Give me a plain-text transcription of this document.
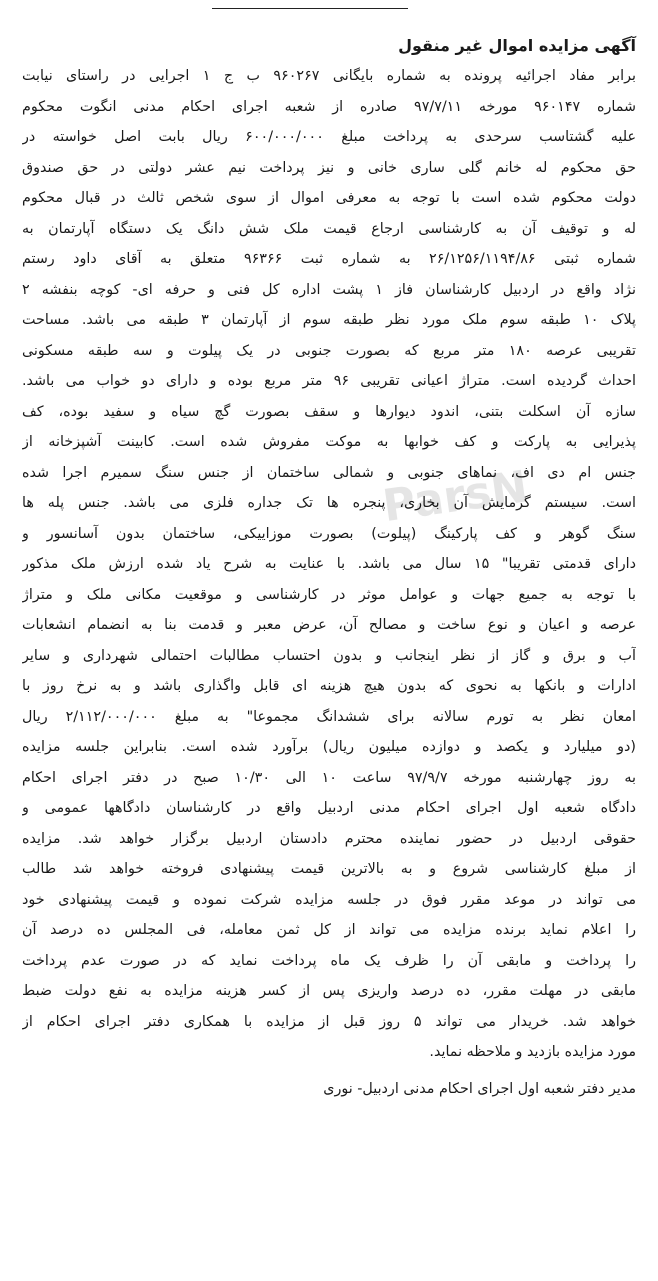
ParsN
آگهی مزایده اموال غیر منقول
برابر مفاد اجرائیه پرونده به شماره بایگانی ۹۶۰۲۶۷ ب ج ۱ اجرایی در راستای نیابت
شماره ۹۶۰۱۴۷ مورخه ۹۷/۷/۱۱ صادره از شعبه اجرای احکام مدنی انگوت محکوم
علیه گشتاسب سرحدی به پرداخت مبلغ ۶۰۰/۰۰۰/۰۰۰ ریال بابت اصل خواسته در
حق محکوم له خانم گلی ساری خانی و نیز پرداخت نیم عشر دولتی در حق صندوق
دولت محکوم شده است با توجه به معرفی اموال از سوی شخص ثالث در قبال محکوم
له و توقیف آن به کارشناسی ارجاع قیمت ملک شش دانگ یک دستگاه آپارتمان به
شماره ثبتی ۲۶/۱۲۵۶/۱۱۹۴/۸۶ به شماره ثبت ۹۶۳۶۶ متعلق به آقای داود رستم
نژاد واقع در اردبیل کارشناسان فاز ۱ پشت اداره کل فنی و حرفه ای- کوچه بنفشه ۲
پلاک ۱۰ طبقه سوم ملک مورد نظر طبقه سوم از آپارتمان ۳ طبقه می باشد. مساحت
تقریبی عرصه ۱۸۰ متر مربع که بصورت جنوبی در یک پیلوت و سه طبقه مسکونی
احداث گردیده است. متراژ اعیانی تقریبی ۹۶ متر مربع بوده و دارای دو خواب می باشد.
سازه آن اسکلت بتنی، اندود دیوارها و سقف بصورت گچ سیاه و سفید بوده، کف
پذیرایی به پارکت و کف خوابها به موکت مفروش شده است. کابینت آشپزخانه از
جنس ام دی اف، نماهای جنوبی و شمالی ساختمان از جنس سنگ سمیرم اجرا شده
است. سیستم گرمایش آن بخاری، پنجره ها تک جداره فلزی می باشد. جنس پله ها
سنگ گوهر و کف پارکینگ (پیلوت) بصورت موزاییکی، ساختمان بدون آسانسور و
دارای قدمتی تقریبا" ۱۵ سال می باشد. با عنایت به شرح یاد شده ارزش ملک مذکور
با توجه به جمیع جهات و عوامل موثر در کارشناسی و موقعیت مکانی ملک و متراژ
عرصه و اعیان و نوع ساخت و مصالح آن، عرض معبر و قدمت بنا به انضمام انشعابات
آب و برق و گاز از نظر اینجانب و بدون احتساب مطالبات احتمالی شهرداری و سایر
ادارات و بانکها به نحوی که بدون هیچ هزینه ای قابل واگذاری باشد و به نرخ روز با
امعان نظر به تورم سالانه برای ششدانگ مجموعا" به مبلغ ۲/۱۱۲/۰۰۰/۰۰۰ ریال
(دو میلیارد و یکصد و دوازده میلیون ریال) برآورد شده است. بنابراین جلسه مزایده
به روز چهارشنبه مورخه ۹۷/۹/۷ ساعت ۱۰ الی ۱۰/۳۰ صبح در دفتر اجرای احکام
دادگاه شعبه اول اجرای احکام مدنی اردبیل واقع در کارشناسان دادگاهها عمومی و
حقوقی اردبیل در حضور نماینده محترم دادستان اردبیل برگزار خواهد شد. مزایده
از مبلغ کارشناسی شروع و به بالاترین قیمت پیشنهادی فروخته خواهد شد طالب
می تواند در موعد مقرر فوق در جلسه مزایده شرکت نموده و قیمت پیشنهادی خود
را اعلام نماید برنده مزایده می تواند از کل ثمن معامله، فی المجلس ده درصد آن
را پرداخت و مابقی آن را ظرف یک ماه پرداخت نماید که در صورت عدم پرداخت
مابقی در مهلت مقرر، ده درصد واریزی پس از کسر هزینه مزایده به نفع دولت ضبط
خواهد شد. خریدار می تواند ۵ روز قبل از مزایده با همکاری دفتر اجرای احکام از
مورد مزایده بازدید و ملاحظه نماید.
مدیر دفتر شعبه اول اجرای احکام مدنی اردبیل- نوری
